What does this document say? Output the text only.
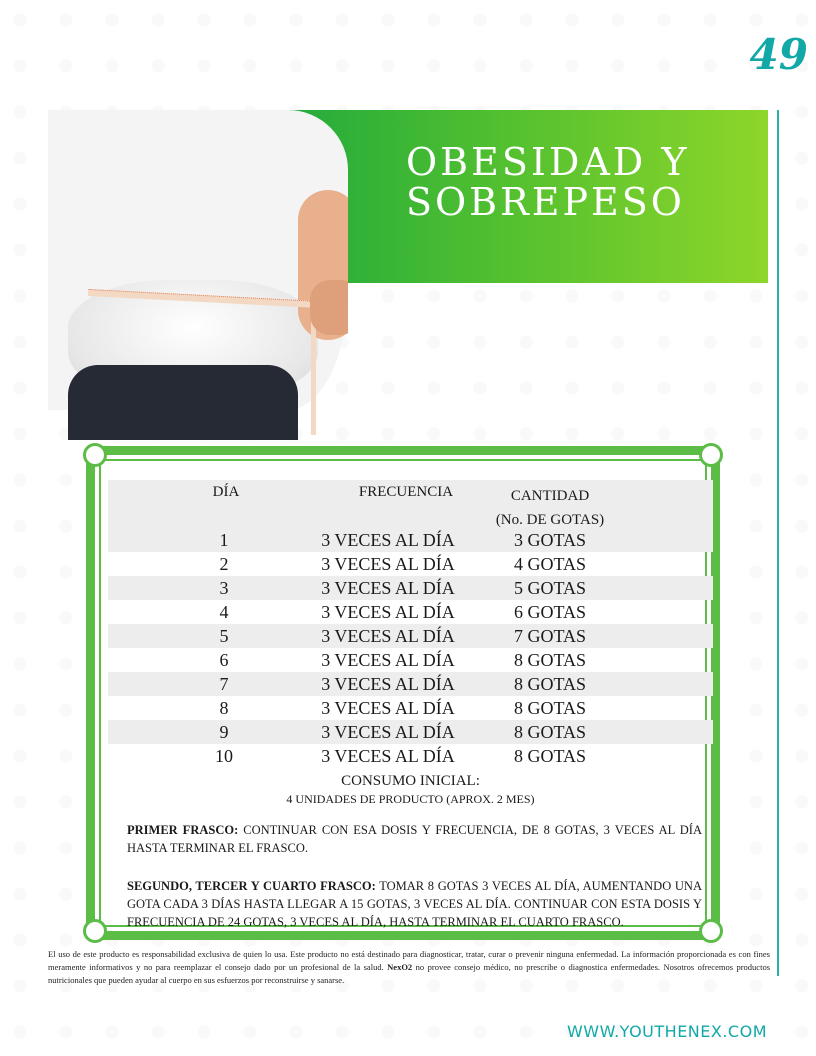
49
OBESIDAD Y
SOBREPESO
DÍA	FRECUENCIA	CANTIDAD
(No. DE GOTAS)
1	3 VECES AL DÍA	3 GOTAS
2	3 VECES AL DÍA	4 GOTAS
3	3 VECES AL DÍA	5 GOTAS
4	3 VECES AL DÍA	6 GOTAS
5	3 VECES AL DÍA	7 GOTAS
6	3 VECES AL DÍA	8 GOTAS
7	3 VECES AL DÍA	8 GOTAS
8	3 VECES AL DÍA	8 GOTAS
9	3 VECES AL DÍA	8 GOTAS
10	3 VECES AL DÍA	8 GOTAS
CONSUMO INICIAL:
4 UNIDADES DE PRODUCTO (APROX. 2 MES)

PRIMER FRASCO: CONTINUAR CON ESA DOSIS Y FRECUENCIA, DE 8 GOTAS, 3 VECES AL DÍA HASTA TERMINAR EL FRASCO.

SEGUNDO, TERCER Y CUARTO FRASCO: TOMAR 8 GOTAS 3 VECES AL DÍA, AUMENTANDO UNA GOTA CADA 3 DÍAS HASTA LLEGAR A 15 GOTAS, 3 VECES AL DÍA. CONTINUAR CON ESTA DOSIS Y FRECUENCIA DE 24 GOTAS, 3 VECES AL DÍA, HASTA TERMINAR EL CUARTO FRASCO.

El uso de este producto es responsabilidad exclusiva de quien lo usa. Este producto no está destinado para diagnosticar, tratar, curar o prevenir ninguna enfermedad. La información proporcionada es con fines meramente informativos y no para reemplazar el consejo dado por un profesional de la salud. NexO2 no provee consejo médico, no prescribe o diagnostica enfermedades. Nosotros ofrecemos productos nutricionales que pueden ayudar al cuerpo en sus esfuerzos por reconstruirse y sanarse.

WWW.YOUTHENEX.COM
